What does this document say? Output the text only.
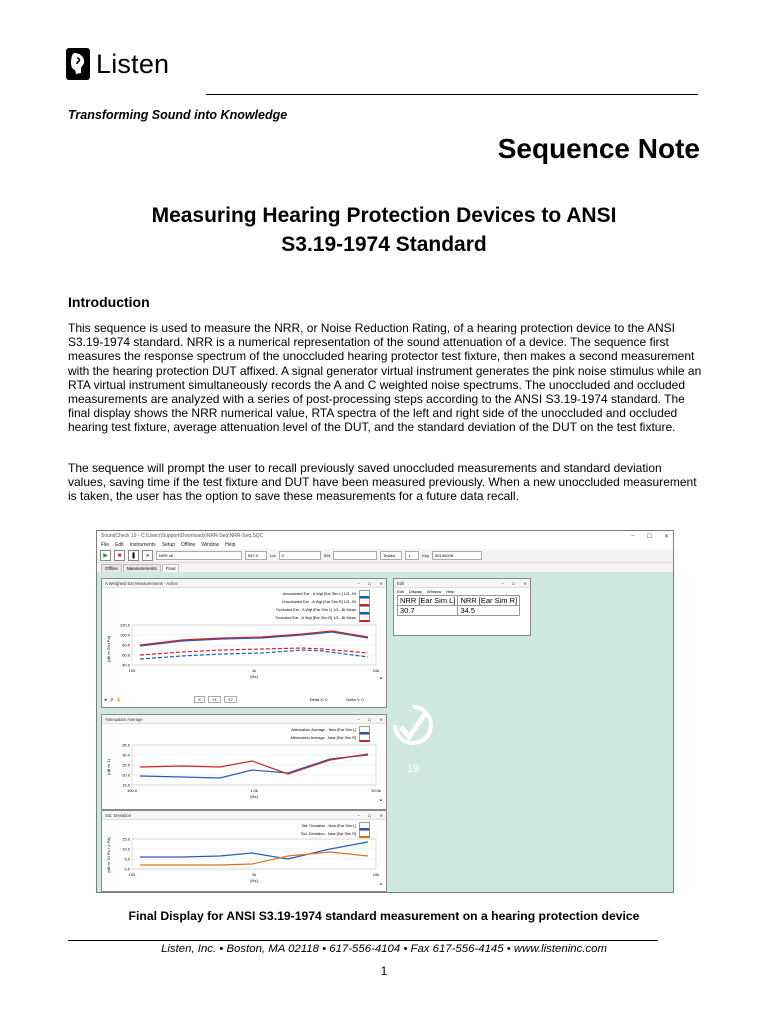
Listen
Transforming Sound into Knowledge
Sequence Note
Measuring Hearing Protection Devices to ANSI
S3.19-1974 Standard
Introduction
This sequence is used to measure the NRR, or Noise Reduction Rating, of a hearing protection device to the ANSI S3.19-1974 standard. NRR is a numerical representation of the sound attenuation of a device. The sequence first measures the response spectrum of the unoccluded hearing protector test fixture, then makes a second measurement with the hearing protection DUT affixed. A signal generator virtual instrument generates the pink noise stimulus while an RTA virtual instrument simultaneously records the A and C weighted noise spectrums. The unoccluded and occluded measurements are analyzed with a series of post-processing steps according to the ANSI S3.19-1974 standard. The final display shows the NRR numerical value, RTA spectra of the left and right side of the unoccluded and occluded hearing test fixture, average attenuation level of the DUT, and the standard deviation of the DUT on the test fixture.
The sequence will prompt the user to recall previously saved unoccluded measurements and standard deviation values, saving time if the test fixture and DUT have been measured previously. When a new unoccluded measurement is taken, the user has the option to save these measurements for a future data recall.
SoundCheck 19 - C:\Users\Support\Downloads\NRR-Seq\NRR-Seq.SQC	– ☐ ✕
File Edit Instruments Setup Offline Window Help
▶	■	❚	»	NRR v6	547.0	Lot	0	S/N	Tested	1	Key	82100008
Offline	Measurements	Final
19
A Weighted Ear Measurements - Active	– ☐ ✕
Unoccluded Ear - A Wgt [Ear Sim L] 1/3...Br
Unoccluded Ear - A Wgt [Ear Sim R] 1/3...Br
Occluded Ear - A Wgt [Ear Sim L] 1/3...Br Mean
Occluded Ear - A Wgt [Ear Sim R] 1/3...Br Mean
[dB re 20u Pa]
100	1k	10k
[Hz]	⌄
120.0
100.0
80.0
60.0
40.0
➤ ⚲ ✋	X	Y1	Y2	Delta X: 0	Delta Y: 0
Attenuation Average	– ☐ ✕
Attenuation Average - New [Ear Sim L]
Attenuation Average - New [Ear Sim R]
[dB re 1]
100.0	1.0k	10.0k
[Hz]	⌄
35.0
30.0
25.0
20.0
15.0
Std. Deviation	– ☐ ✕
Std. Deviation - New [Ear Sim L]
Std. Deviation - New [Ear Sim R]
[dB re 20 Pa / 1 Pa]
100	1k	10k
[Hz]	⌄
15.0
10.0
5.0
0.0
Edit	– ☐ ✕
Edit Display Window Help
NRR [Ear Sim L]	NRR [Ear Sim R]
30.7	34.5
Final Display for ANSI S3.19-1974 standard measurement on a hearing protection device
Listen, Inc. • Boston, MA 02118 • 617-556-4104 • Fax 617-556-4145 • www.listeninc.com
1
